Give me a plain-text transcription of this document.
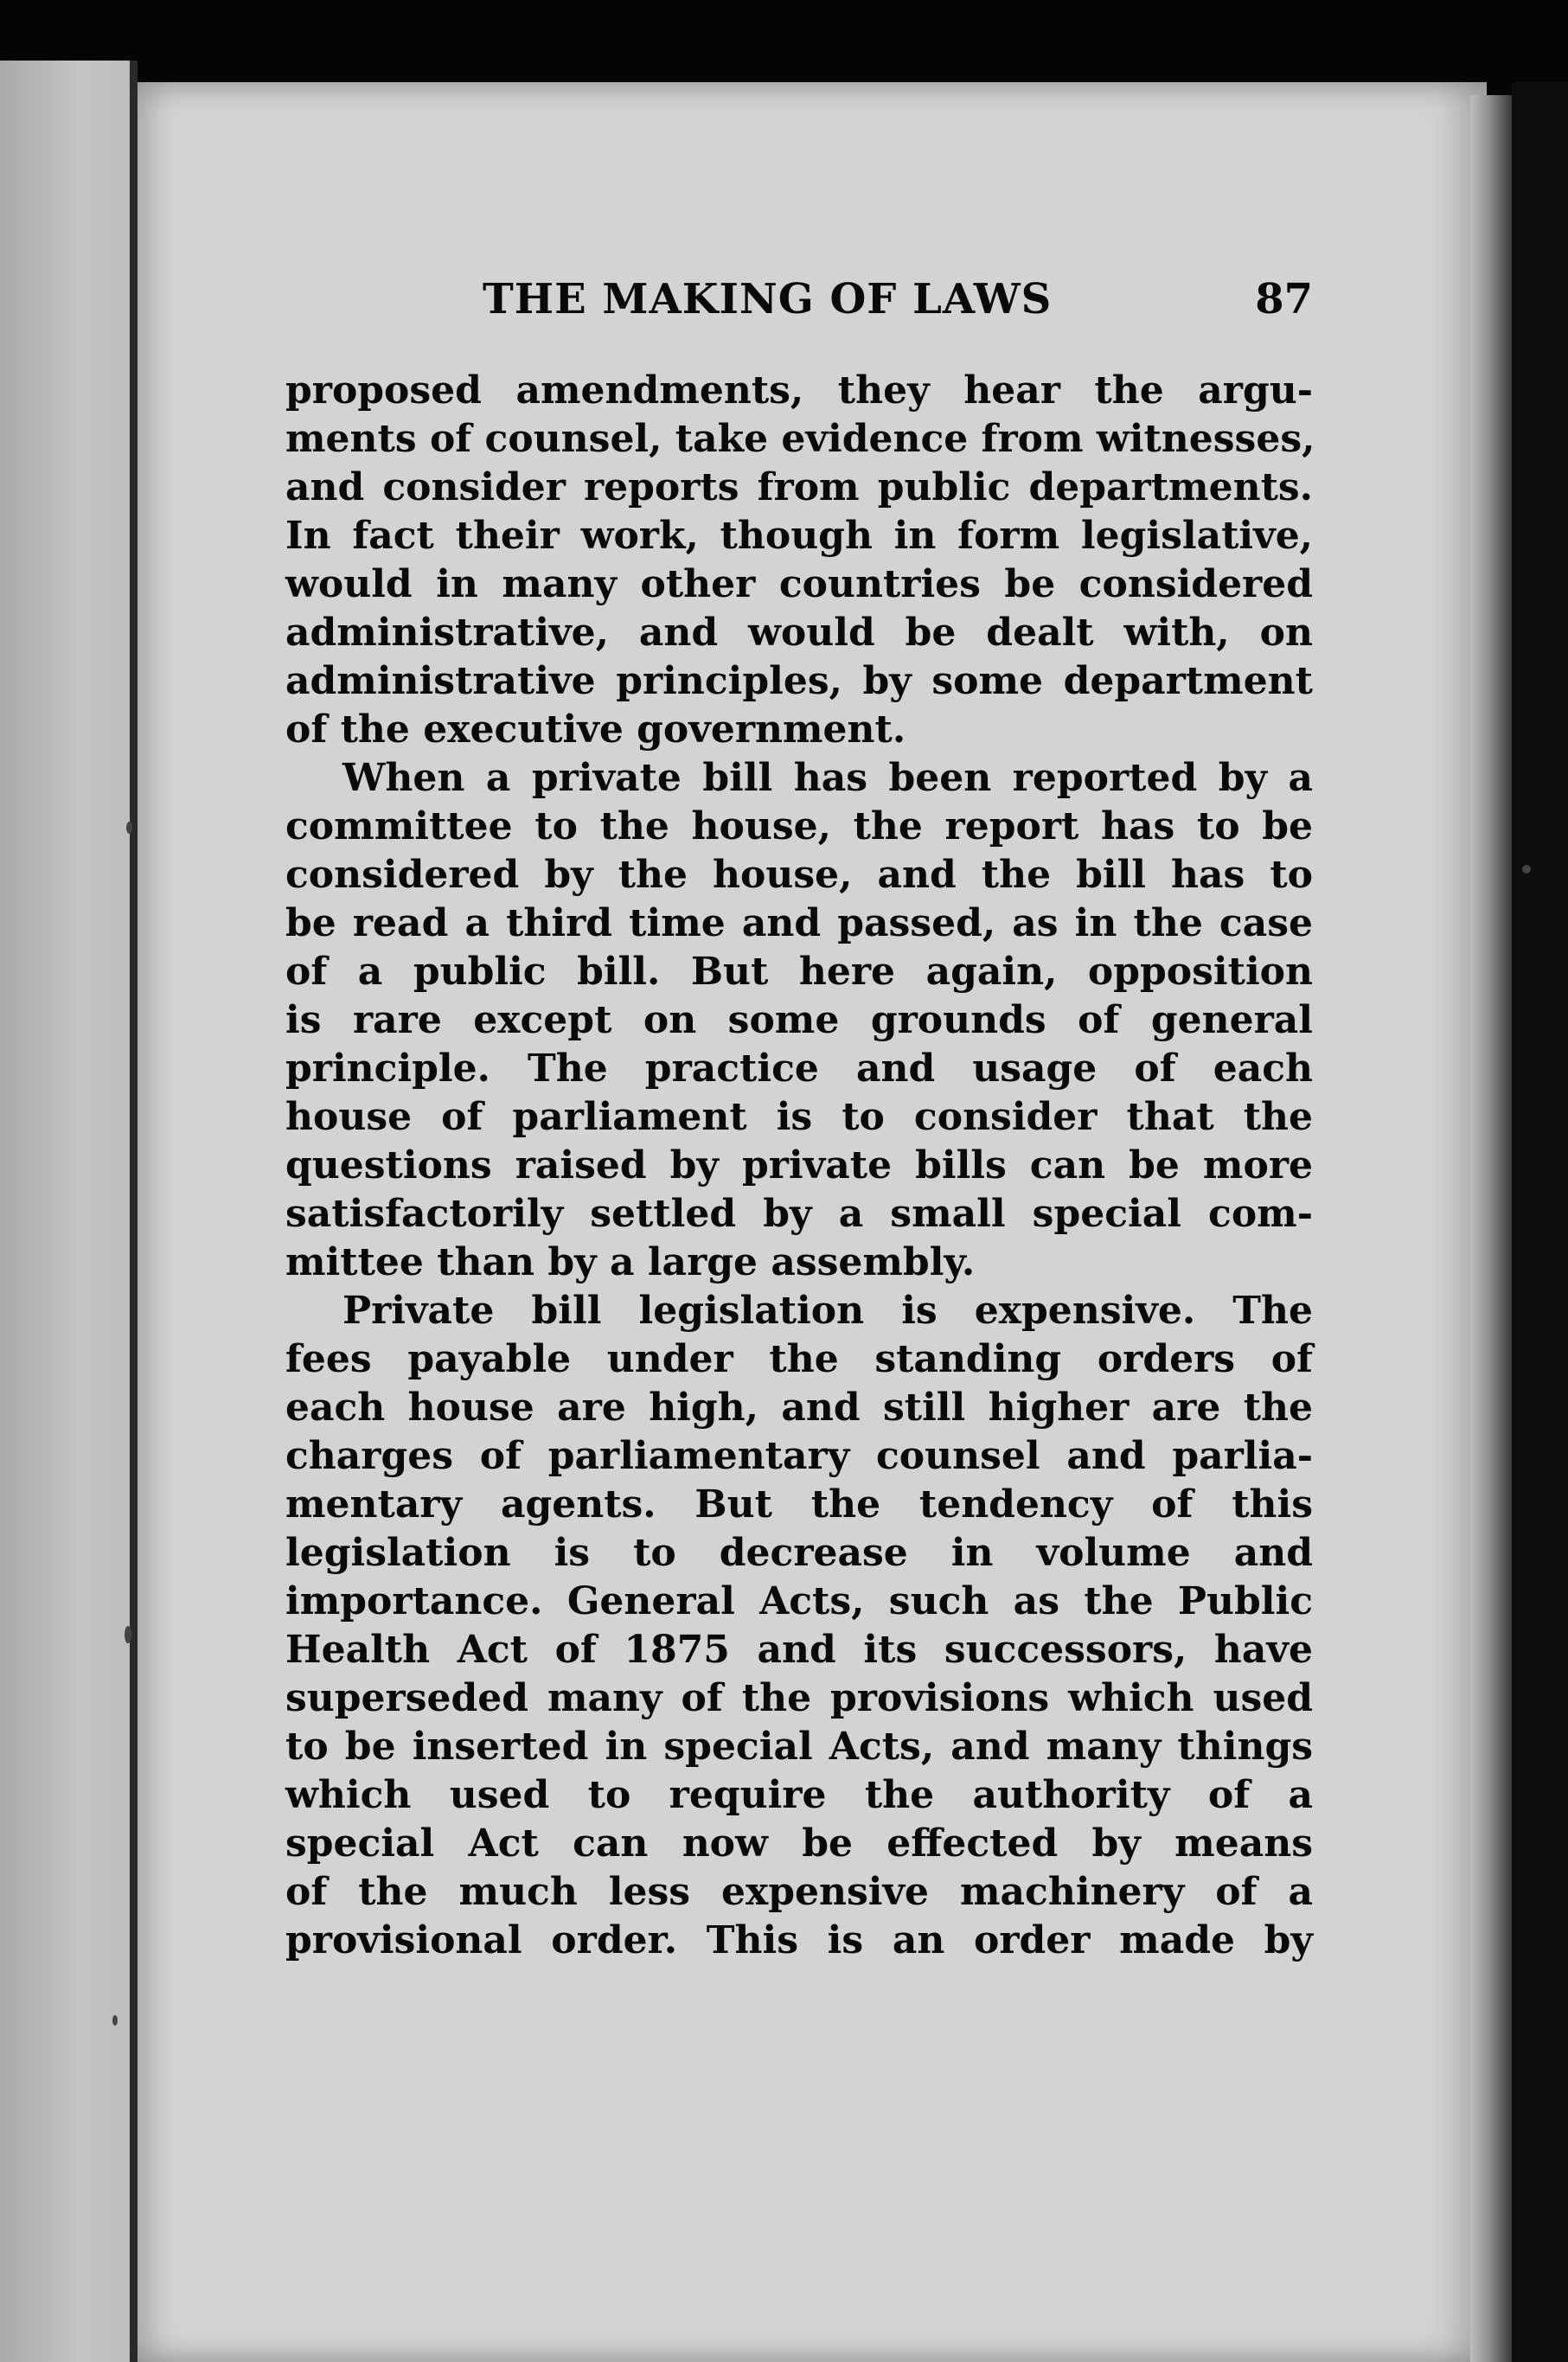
THE MAKING OF LAWS	87

proposed amendments, they hear the argu-
ments of counsel, take evidence from witnesses,
and consider reports from public departments.
In fact their work, though in form legislative,
would in many other countries be considered
administrative, and would be dealt with, on
administrative principles, by some department
of the executive government.

When a private bill has been reported by a
committee to the house, the report has to be
considered by the house, and the bill has to
be read a third time and passed, as in the case
of a public bill. But here again, opposition
is rare except on some grounds of general
principle. The practice and usage of each
house of parliament is to consider that the
questions raised by private bills can be more
satisfactorily settled by a small special com-
mittee than by a large assembly.

Private bill legislation is expensive. The
fees payable under the standing orders of
each house are high, and still higher are the
charges of parliamentary counsel and parlia-
mentary agents. But the tendency of this
legislation is to decrease in volume and
importance. General Acts, such as the Public
Health Act of 1875 and its successors, have
superseded many of the provisions which used
to be inserted in special Acts, and many things
which used to require the authority of a
special Act can now be effected by means
of the much less expensive machinery of a
provisional order. This is an order made by
